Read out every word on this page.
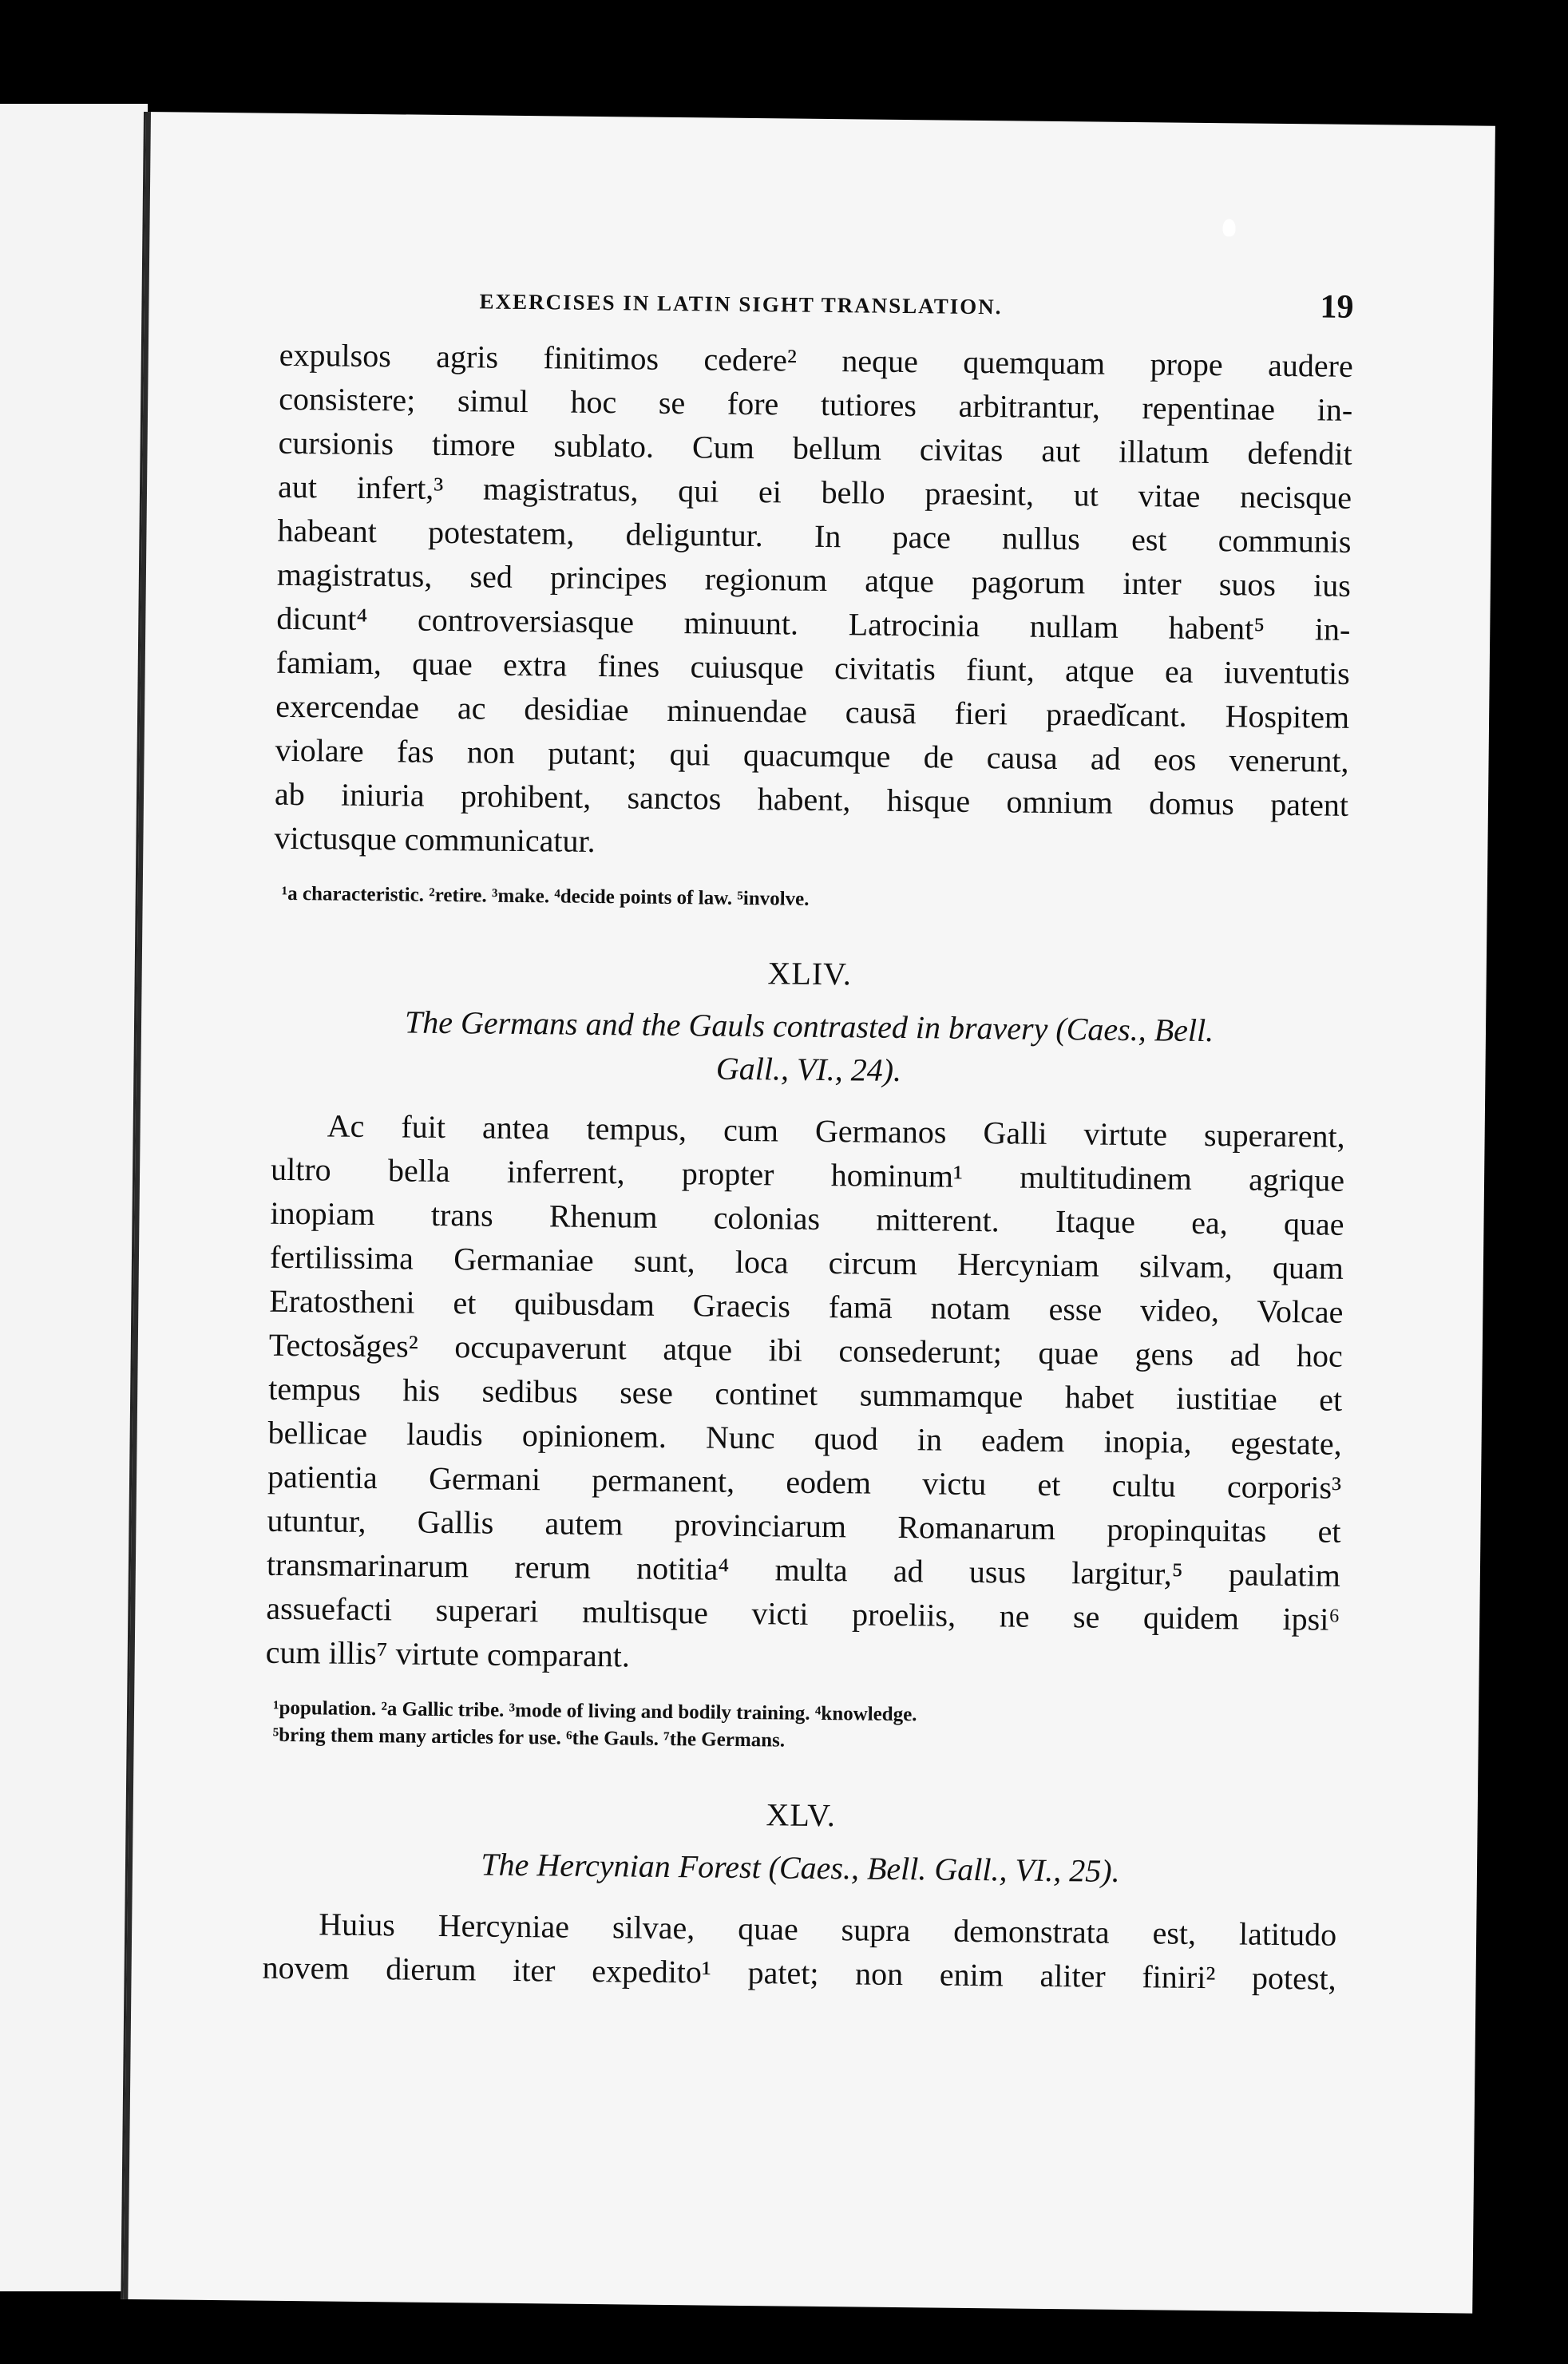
EXERCISES IN LATIN SIGHT TRANSLATION.	19

expulsos agris finitimos cedere² neque quemquam prope audere
consistere; simul hoc se fore tutiores arbitrantur, repentinae in-
cursionis timore sublato. Cum bellum civitas aut illatum defendit
aut infert,³ magistratus, qui ei bello praesint, ut vitae necisque
habeant potestatem, deliguntur. In pace nullus est communis
magistratus, sed principes regionum atque pagorum inter suos ius
dicunt⁴ controversiasque minuunt. Latrocinia nullam habent⁵ in-
famiam, quae extra fines cuiusque civitatis fiunt, atque ea iuventutis
exercendae ac desidiae minuendae causā fieri praedĭcant. Hospitem
violare fas non putant; qui quacumque de causa ad eos venerunt,
ab iniuria prohibent, sanctos habent, hisque omnium domus patent
victusque communicatur.

¹a characteristic. ²retire. ³make. ⁴decide points of law. ⁵involve.
XLIV.
The Germans and the Gauls contrasted in bravery (Caes., Bell.
Gall., VI., 24).

Ac fuit antea tempus, cum Germanos Galli virtute superarent,
ultro bella inferrent, propter hominum¹ multitudinem agrique
inopiam trans Rhenum colonias mitterent. Itaque ea, quae
fertilissima Germaniae sunt, loca circum Hercyniam silvam, quam
Eratostheni et quibusdam Graecis famā notam esse video, Volcae
Tectosăges² occupaverunt atque ibi consederunt; quae gens ad hoc
tempus his sedibus sese continet summamque habet iustitiae et
bellicae laudis opinionem. Nunc quod in eadem inopia, egestate,
patientia Germani permanent, eodem victu et cultu corporis³
utuntur, Gallis autem provinciarum Romanarum propinquitas et
transmarinarum rerum notitia⁴ multa ad usus largitur,⁵ paulatim
assuefacti superari multisque victi proeliis, ne se quidem ipsi⁶
cum illis⁷ virtute comparant.

¹population. ²a Gallic tribe. ³mode of living and bodily training. ⁴knowledge.
⁵bring them many articles for use. ⁶the Gauls. ⁷the Germans.
XLV.
The Hercynian Forest (Caes., Bell. Gall., VI., 25).

Huius Hercyniae silvae, quae supra demonstrata est, latitudo
novem dierum iter expedito¹ patet; non enim aliter finiri² potest,
